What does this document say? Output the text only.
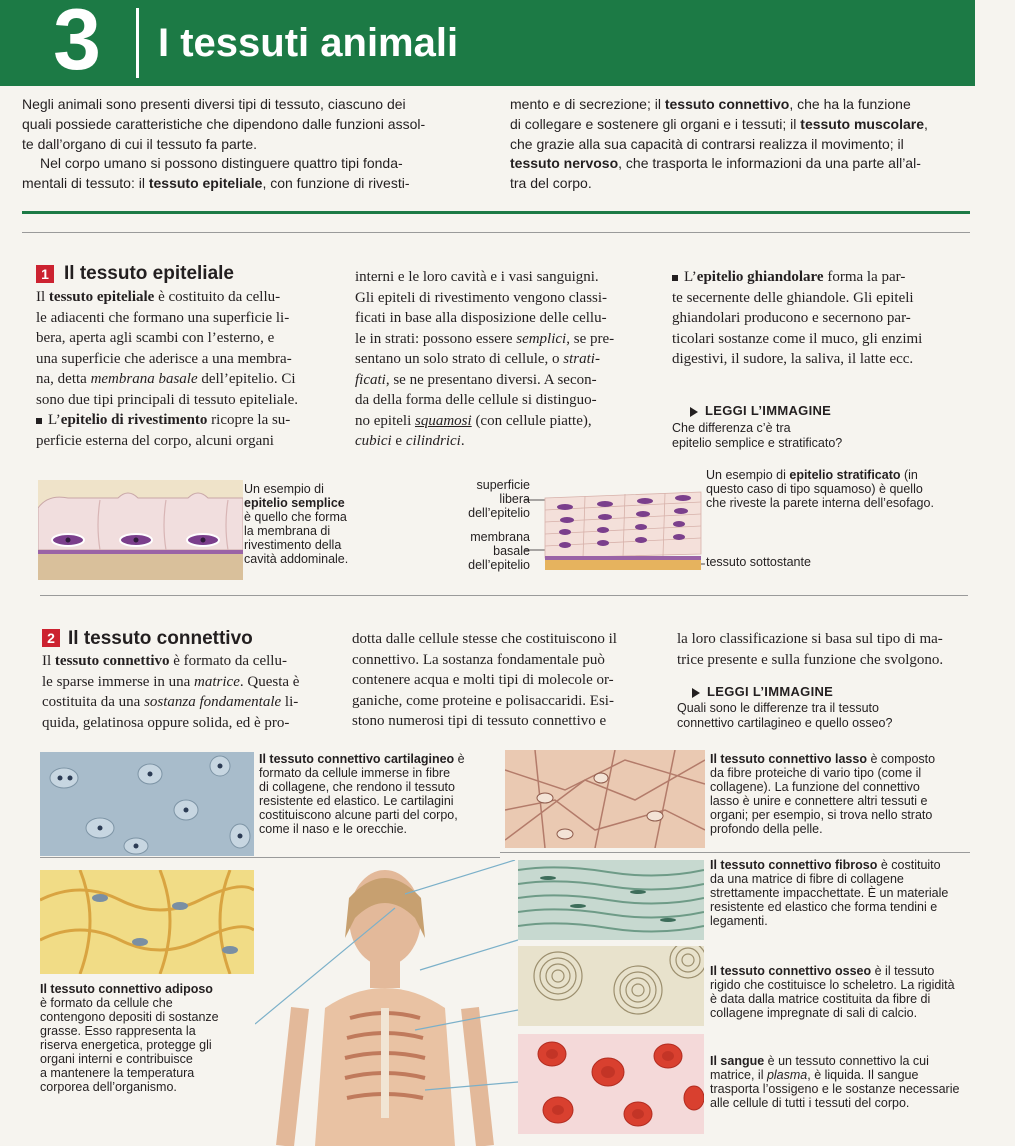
3	I tessuti animali
Negli animali sono presenti diversi tipi di tessuto, ciascuno dei
quali possiede caratteristiche che dipendono dalle funzioni assol-
te dall’organo di cui il tessuto fa parte.
Nel corpo umano si possono distinguere quattro tipi fonda-
mentali di tessuto: il tessuto epiteliale, con funzione di rivesti-
mento e di secrezione; il tessuto connettivo, che ha la funzione
di collegare e sostenere gli organi e i tessuti; il tessuto muscolare,
che grazie alla sua capacità di contrarsi realizza il movimento; il
tessuto nervoso, che trasporta le informazioni da una parte all’al-
tra del corpo.
1 Il tessuto epiteliale
Il tessuto epiteliale è costituito da cellu-
le adiacenti che formano una superficie li-
bera, aperta agli scambi con l’esterno, e
una superficie che aderisce a una membra-
na, detta membrana basale dell’epitelio. Ci
sono due tipi principali di tessuto epiteliale.
L’epitelio di rivestimento ricopre la su-
perficie esterna del corpo, alcuni organi
interni e le loro cavità e i vasi sanguigni.
Gli epiteli di rivestimento vengono classi-
ficati in base alla disposizione delle cellu-
le in strati: possono essere semplici, se pre-
sentano un solo strato di cellule, o strati-
ficati, se ne presentano diversi. A secon-
da della forma delle cellule si distinguo-
no epiteli squamosi (con cellule piatte),
cubici e cilindrici.
L’epitelio ghiandolare forma la par-
te secernente delle ghiandole. Gli epiteli
ghiandolari producono e secernono par-
ticolari sostanze come il muco, gli enzimi
digestivi, il sudore, la saliva, il latte ecc.
LEGGI L’IMMAGINE
Che differenza c’è tra
epitelio semplice e stratificato?
Un esempio di
epitelio semplice
è quello che forma
la membrana di
rivestimento della
cavità addominale.
superficie
libera
dell’epitelio
membrana
basale
dell’epitelio
Un esempio di epitelio stratificato (in
questo caso di tipo squamoso) è quello
che riveste la parete interna dell’esofago.
tessuto sottostante
2 Il tessuto connettivo
Il tessuto connettivo è formato da cellu-
le sparse immerse in una matrice. Questa è
costituita da una sostanza fondamentale li-
quida, gelatinosa oppure solida, ed è pro-
dotta dalle cellule stesse che costituiscono il
connettivo. La sostanza fondamentale può
contenere acqua e molti tipi di molecole or-
ganiche, come proteine e polisaccaridi. Esi-
stono numerosi tipi di tessuto connettivo e
la loro classificazione si basa sul tipo di ma-
trice presente e sulla funzione che svolgono.
LEGGI L’IMMAGINE
Quali sono le differenze tra il tessuto
connettivo cartilagineo e quello osseo?
Il tessuto connettivo cartilagineo è
formato da cellule immerse in fibre
di collagene, che rendono il tessuto
resistente ed elastico. Le cartilagini
costituiscono alcune parti del corpo,
come il naso e le orecchie.
Il tessuto connettivo lasso è composto
da fibre proteiche di vario tipo (come il
collagene). La funzione del connettivo
lasso è unire e connettere altri tessuti e
organi; per esempio, si trova nello strato
profondo della pelle.
Il tessuto connettivo fibroso è costituito
da una matrice di fibre di collagene
strettamente impacchettate. È un materiale
resistente ed elastico che forma tendini e
legamenti.
Il tessuto connettivo osseo è il tessuto
rigido che costituisce lo scheletro. La rigidità
è data dalla matrice costituita da fibre di
collagene impregnate di sali di calcio.
Il sangue è un tessuto connettivo la cui
matrice, il plasma, è liquida. Il sangue
trasporta l’ossigeno e le sostanze necessarie
alle cellule di tutti i tessuti del corpo.
Il tessuto connettivo adiposo
è formato da cellule che
contengono depositi di sostanze
grasse. Esso rappresenta la
riserva energetica, protegge gli
organi interni e contribuisce
a mantenere la temperatura
corporea dell’organismo.
